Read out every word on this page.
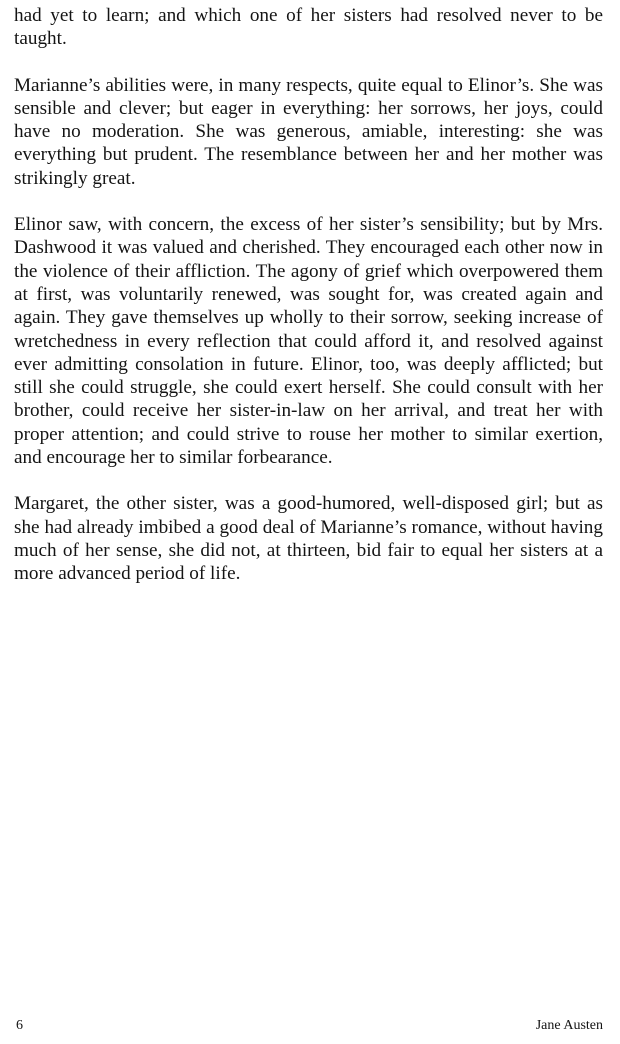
had yet to learn; and which one of her sisters had resolved never to be taught.

Marianne’s abilities were, in many respects, quite equal to Elinor’s. She was sensible and clever; but eager in everything: her sorrows, her joys, could have no moderation. She was generous, amiable, interesting: she was everything but prudent. The resemblance between her and her mother was strikingly great.

Elinor saw, with concern, the excess of her sister’s sensibility; but by Mrs. Dashwood it was valued and cherished. They encouraged each other now in the violence of their affliction. The agony of grief which overpowered them at first, was voluntarily renewed, was sought for, was created again and again. They gave themselves up wholly to their sorrow, seeking increase of wretchedness in every reflection that could afford it, and resolved against ever admitting consolation in future. Elinor, too, was deeply afflicted; but still she could struggle, she could exert herself. She could consult with her brother, could receive her sister-in-law on her arrival, and treat her with proper attention; and could strive to rouse her mother to similar exertion, and encourage her to similar forbearance.

Margaret, the other sister, was a good-humored, well-disposed girl; but as she had already imbibed a good deal of Marianne’s romance, without having much of her sense, she did not, at thirteen, bid fair to equal her sisters at a more advanced period of life.

6	Jane Austen
